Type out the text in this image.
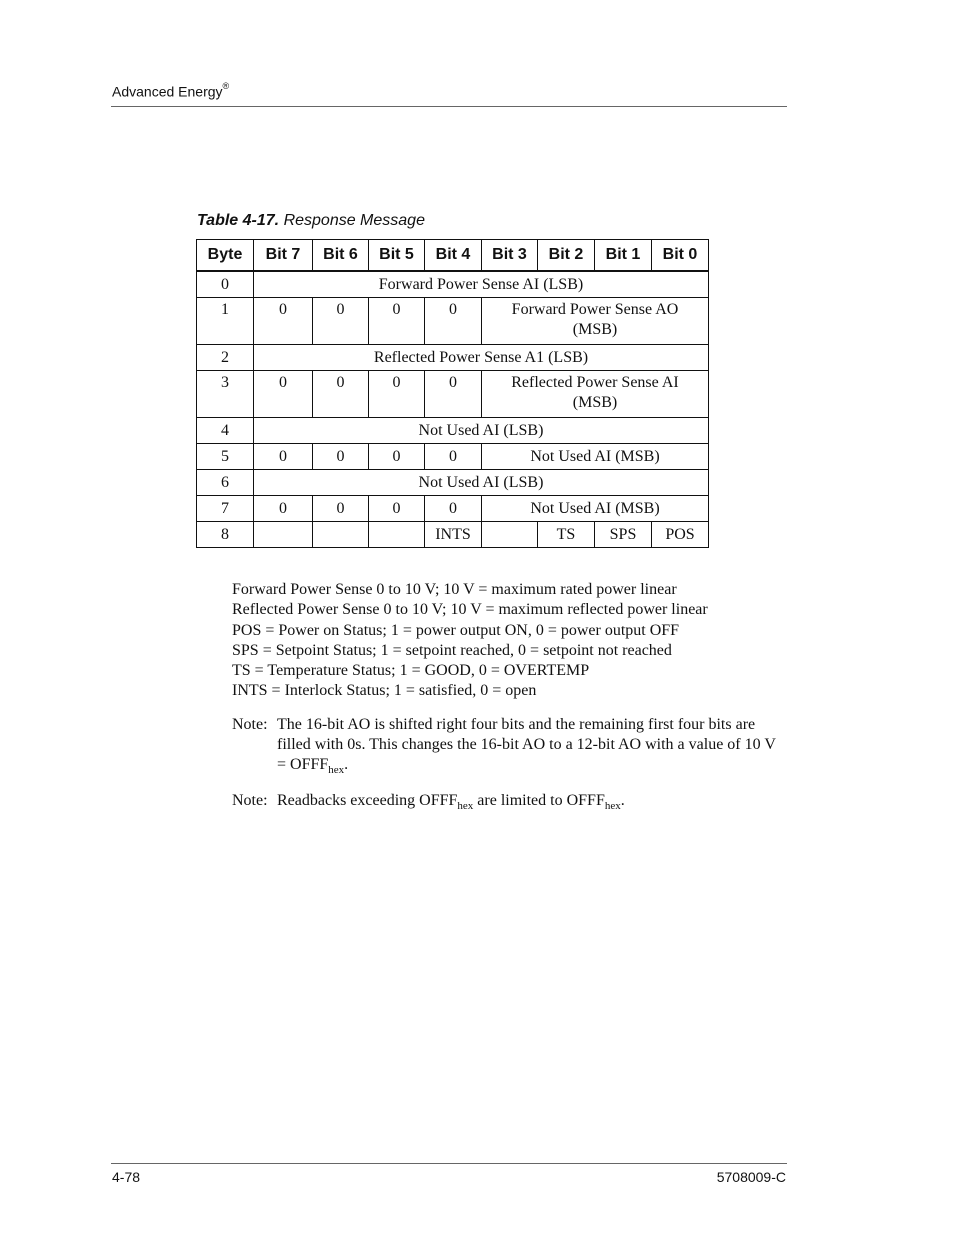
Advanced Energy®
Table 4-17. Response Message
Byte	Bit 7	Bit 6	Bit 5	Bit 4	Bit 3	Bit 2	Bit 1	Bit 0
0	Forward Power Sense AI (LSB)							
1	0	0	0	0	Forward Power Sense AO (MSB)			
2	Reflected Power Sense A1 (LSB)							
3	0	0	0	0	Reflected Power Sense AI (MSB)			
4	Not Used AI (LSB)							
5	0	0	0	0	Not Used AI (MSB)			
6	Not Used AI (LSB)							
7	0	0	0	0	Not Used AI (MSB)			
8				INTS		TS	SPS	POS
Forward Power Sense 0 to 10 V; 10 V = maximum rated power linear
Reflected Power Sense 0 to 10 V; 10 V = maximum reflected power linear
POS = Power on Status; 1 = power output ON, 0 = power output OFF
SPS = Setpoint Status; 1 = setpoint reached, 0 = setpoint not reached
TS = Temperature Status; 1 = GOOD, 0 = OVERTEMP
INTS = Interlock Status; 1 = satisfied, 0 = open
Note: The 16-bit AO is shifted right four bits and the remaining first four bits are filled with 0s. This changes the 16-bit AO to a 12-bit AO with a value of 10 $V = OFFF_{hex}$.
Note: Readbacks exceeding $OFFF_{hex}$ are limited to $OFFF_{hex}$.
4-78	5708009-C
